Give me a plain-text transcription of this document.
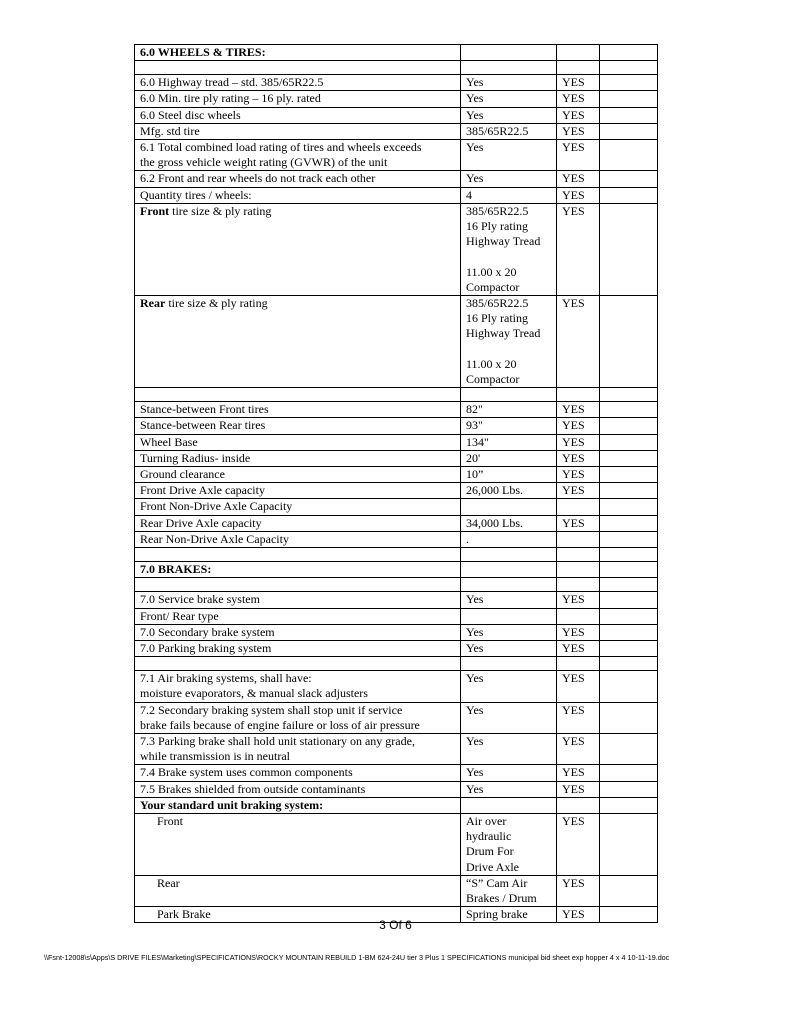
6.0 WHEELS & TIRES:			

6.0 Highway tread – std. 385/65R22.5	Yes	YES	
6.0 Min. tire ply rating – 16 ply. rated	Yes	YES	
6.0 Steel disc wheels	Yes	YES	
Mfg. std tire	385/65R22.5	YES	
6.1 Total combined load rating of tires and wheels exceeds
the gross vehicle weight rating (GVWR) of the unit	Yes	YES	
6.2 Front and rear wheels do not track each other	Yes	YES	
Quantity tires / wheels:	4	YES	
Front tire size & ply rating	385/65R22.5
16 Ply rating
Highway Tread

11.00 x 20
Compactor	YES	
Rear tire size & ply rating	385/65R22.5
16 Ply rating
Highway Tread

11.00 x 20
Compactor	YES	

Stance-between Front tires	82"	YES	
Stance-between Rear tires	93"	YES	
Wheel Base	134"	YES	
Turning Radius- inside	20'	YES	
Ground clearance	10”	YES	
Front Drive Axle capacity	26,000 Lbs.	YES	
Front Non-Drive Axle Capacity			
Rear Drive Axle capacity	34,000 Lbs.	YES	
Rear Non-Drive Axle Capacity	.		

7.0 BRAKES:			

7.0 Service brake system	Yes	YES	
Front/ Rear type			
7.0 Secondary brake system	Yes	YES	
7.0 Parking braking system	Yes	YES	

7.1 Air braking systems, shall have:
moisture evaporators, & manual slack adjusters	Yes	YES	
7.2 Secondary braking system shall stop unit if service
brake fails because of engine failure or loss of air pressure	Yes	YES	
7.3 Parking brake shall hold unit stationary on any grade,
while transmission is in neutral	Yes	YES	
7.4 Brake system uses common components	Yes	YES	
7.5 Brakes shielded from outside contaminants	Yes	YES	
Your standard unit braking system:			
Front	Air over
hydraulic
Drum For
Drive Axle	YES	
Rear	“S” Cam Air
Brakes / Drum	YES	
Park Brake	Spring brake	YES	
3 Of 6
\\Fsnt-12008\s\Apps\S DRIVE FILES\Marketing\SPECIFICATIONS\ROCKY MOUNTAIN REBUILD 1-BM 624-24U tier 3 Plus 1 SPECIFICATIONS municipal bid sheet exp hopper 4 x 4 10-11-19.doc
